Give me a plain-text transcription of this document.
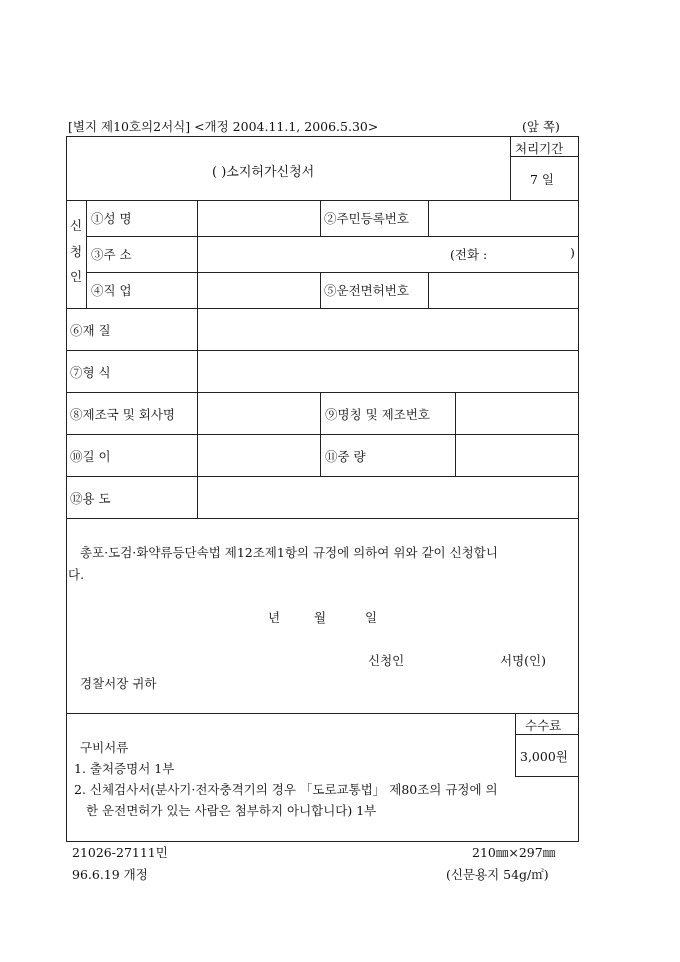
[별지 제10호의2서식] <개정 2004.11.1, 2006.5.30>	(앞 쪽)
( )소지허가신청서
처리기간
7 일
신
청
인
①성 명	②주민등록번호
③주 소	(전화 :	)
④직 업	⑤운전면허번호
⑥재 질
⑦형 식
⑧제조국 및 회사명	⑨명칭 및 제조번호
⑩길 이	⑪중 량
⑫용 도
총포·도검·화약류등단속법 제12조제1항의 규정에 의하여 위와 같이 신청합니
다.
년	월	일
신청인	서명(인)
경찰서장 귀하
수수료
3,000원
구비서류
1. 출처증명서 1부
2. 신체검사서(분사기·전자충격기의 경우 「도로교통법」 제80조의 규정에 의
한 운전면허가 있는 사람은 첨부하지 아니합니다) 1부
21026-27111민	210㎜×297㎜
96.6.19 개정	(신문용지 54g/㎡)
